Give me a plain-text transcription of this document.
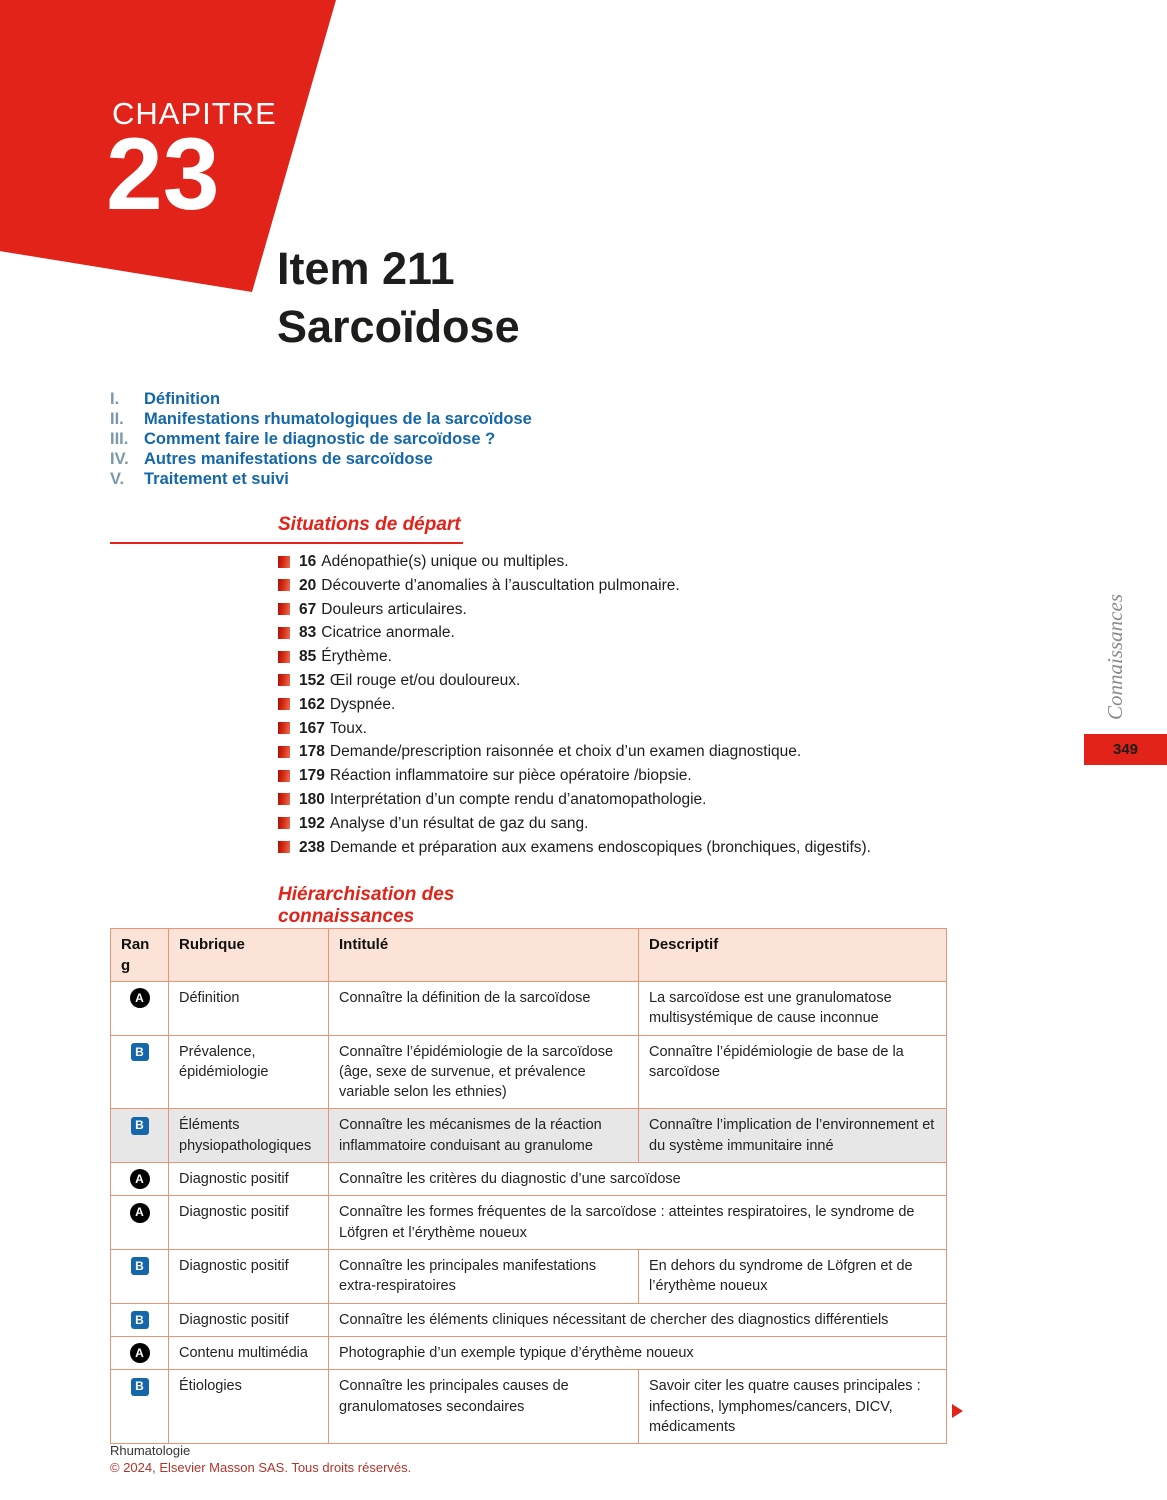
CHAPITRE
23
Item 211
Sarcoïdose
I.	Définition
II.	Manifestations rhumatologiques de la sarcoïdose
III. Comment faire le diagnostic de sarcoïdose ?
IV. Autres manifestations de sarcoïdose
V.	Traitement et suivi
Situations de départ
16 Adénopathie(s) unique ou multiples.
20 Découverte d’anomalies à l’auscultation pulmonaire.
67 Douleurs articulaires.
83 Cicatrice anormale.
85 Érythème.
152 Œil rouge et/ou douloureux.
162 Dyspnée.
167 Toux.
178 Demande/prescription raisonnée et choix d’un examen diagnostique.
179 Réaction inflammatoire sur pièce opératoire /biopsie.
180 Interprétation d’un compte rendu d’anatomopathologie.
192 Analyse d’un résultat de gaz du sang.
238 Demande et préparation aux examens endoscopiques (bronchiques, digestifs).
Hiérarchisation des connaissances
Rang	Rubrique	Intitulé	Descriptif
A	Définition	Connaître la définition de la sarcoïdose	La sarcoïdose est une granulomatose multisystémique de cause inconnue
B	Prévalence, épidémiologie	Connaître l’épidémiologie de la sarcoïdose (âge, sexe de survenue, et prévalence variable selon les ethnies)	Connaître l’épidémiologie de base de la sarcoïdose
B	Éléments physiopathologiques	Connaître les mécanismes de la réaction inflammatoire conduisant au granulome	Connaître l’implication de l’environnement et du système immunitaire inné
A	Diagnostic positif	Connaître les critères du diagnostic d’une sarcoïdose	
A	Diagnostic positif	Connaître les formes fréquentes de la sarcoïdose : atteintes respiratoires, le syndrome de Löfgren et l’érythème noueux	
B	Diagnostic positif	Connaître les principales manifestations extra-respiratoires	En dehors du syndrome de Löfgren et de l’érythème noueux
B	Diagnostic positif	Connaître les éléments cliniques nécessitant de chercher des diagnostics différentiels	
A	Contenu multimédia	Photographie d’un exemple typique d’érythème noueux	
B	Étiologies	Connaître les principales causes de granulomatoses secondaires	Savoir citer les quatre causes principales : infections, lymphomes/cancers, DICV, médicaments
Connaissances
349
Rhumatologie
© 2024, Elsevier Masson SAS. Tous droits réservés.
